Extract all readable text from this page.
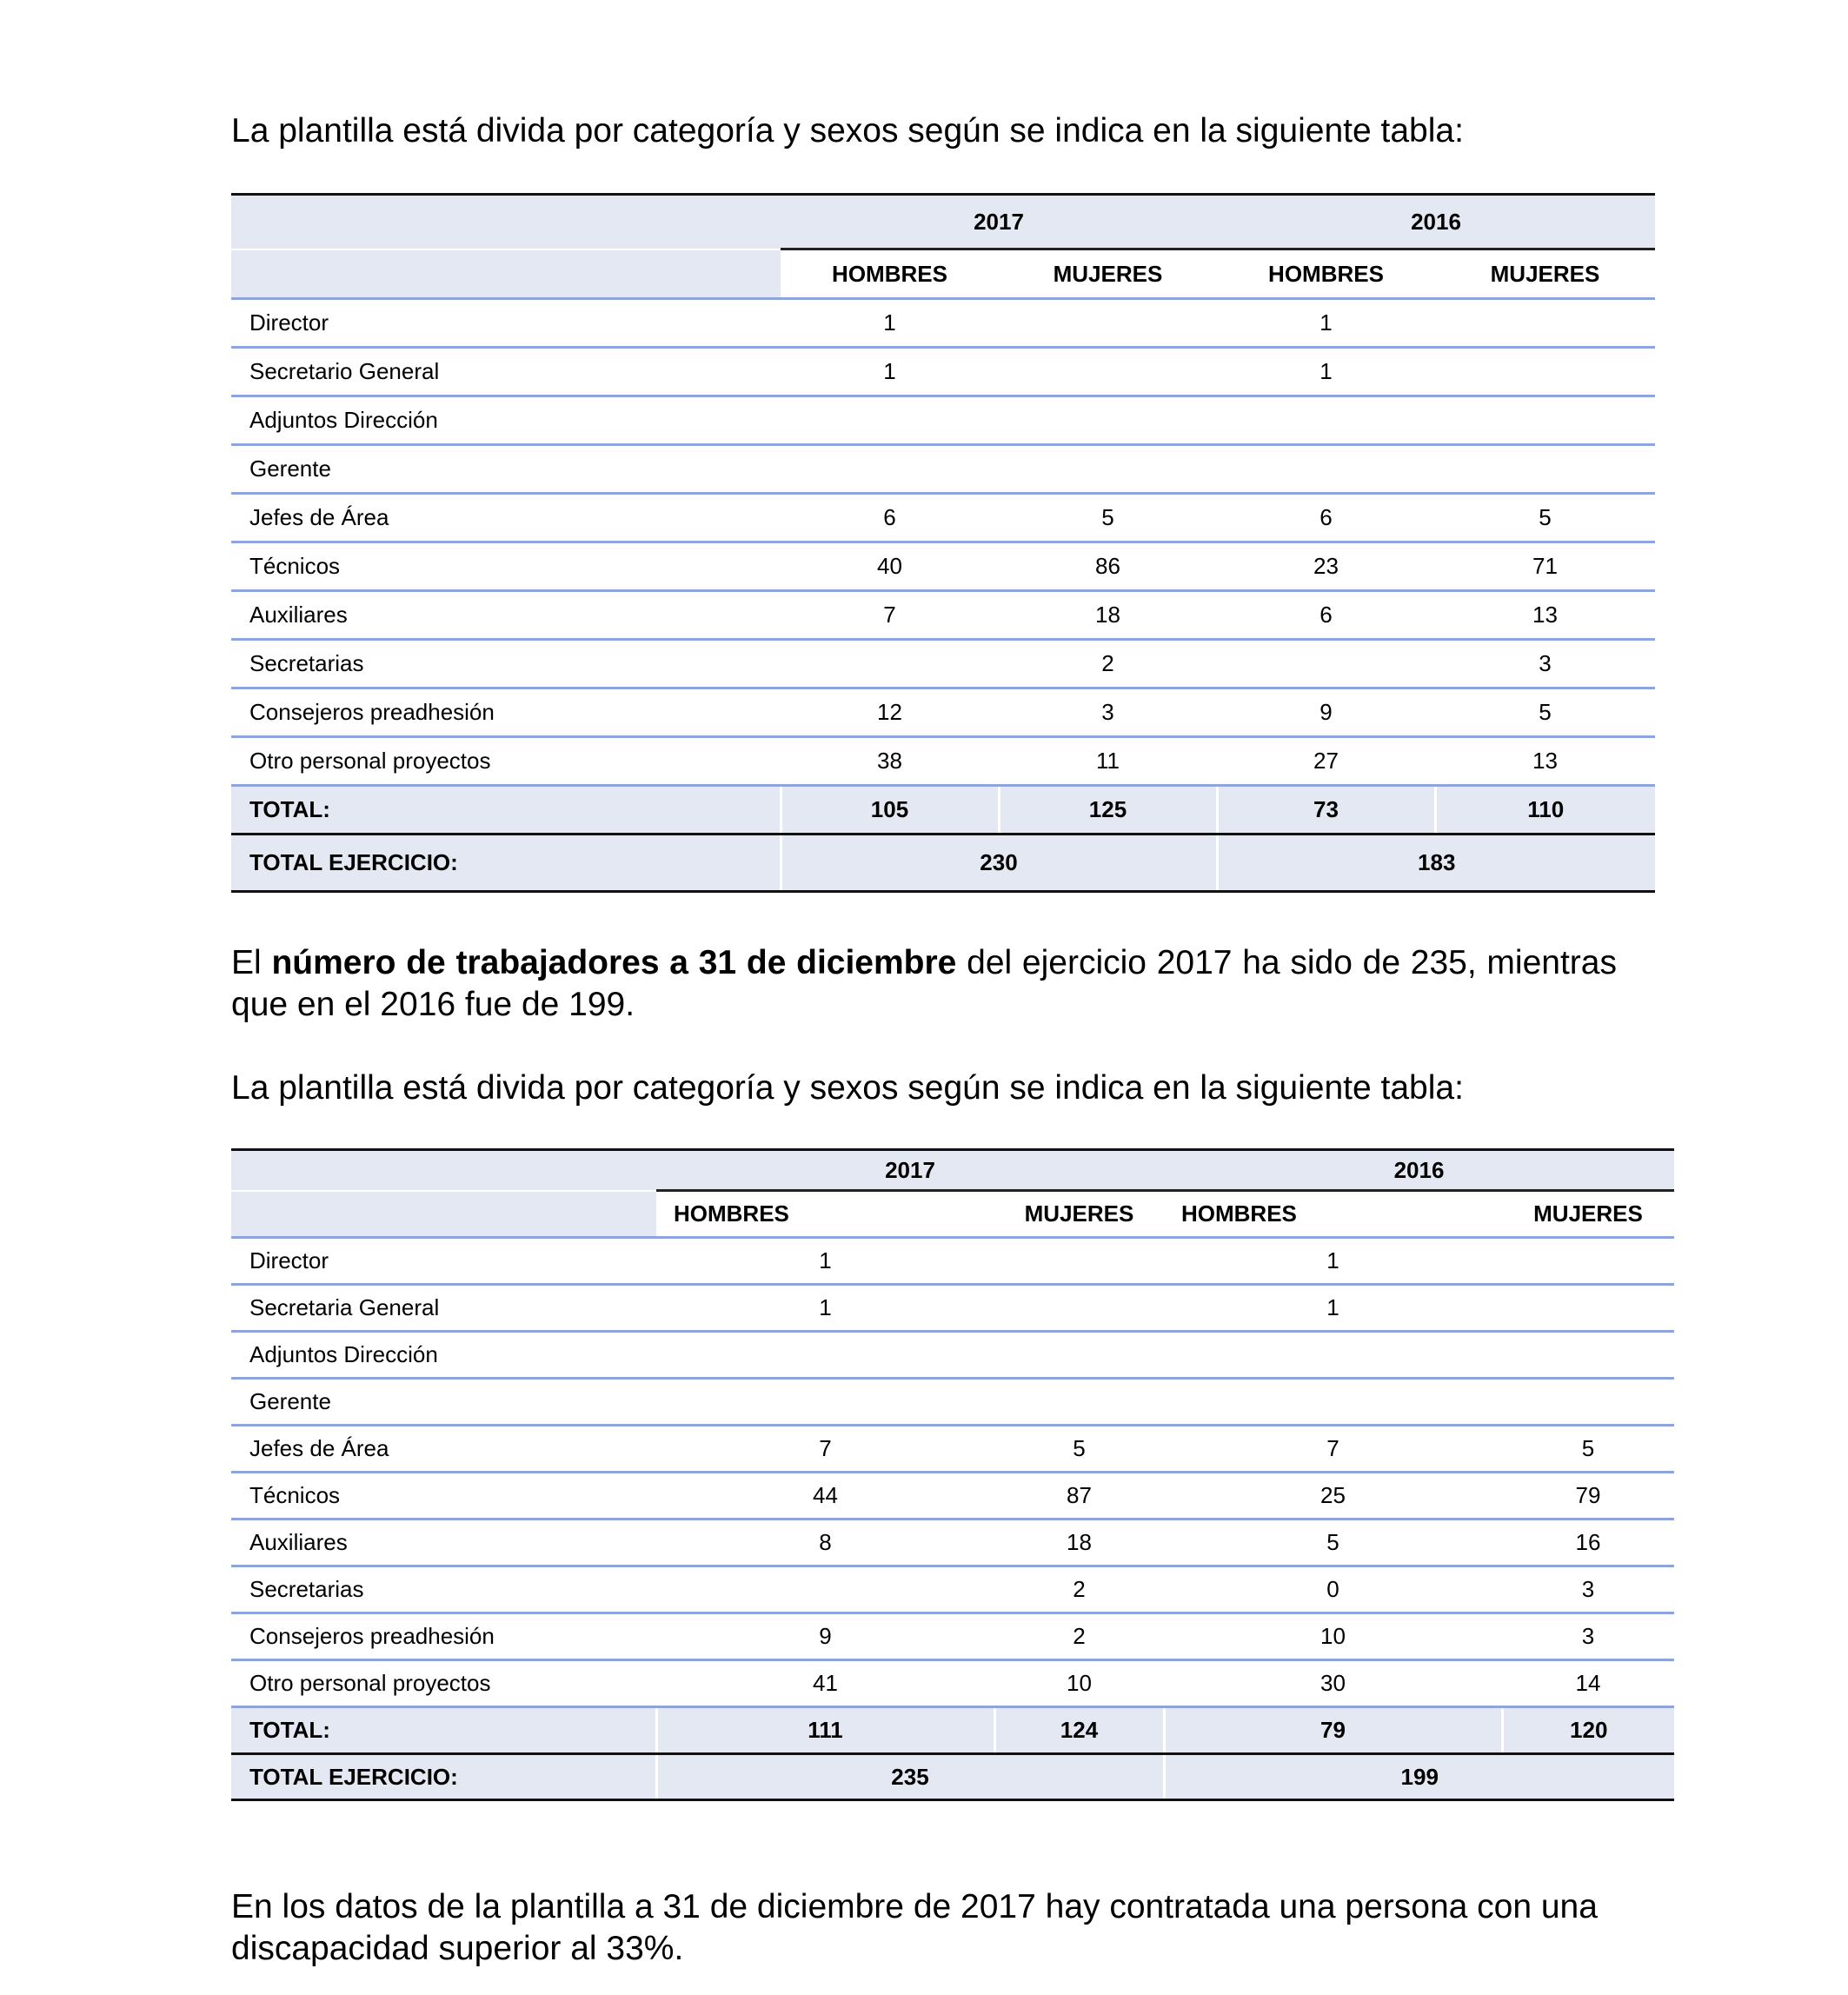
La plantilla está divida por categoría y sexos según se indica en la siguiente tabla:

	2017		2016	
	HOMBRES	MUJERES	HOMBRES	MUJERES
Director	1		1	
Secretario General	1		1	
Adjuntos Dirección				
Gerente				
Jefes de Área	6	5	6	5
Técnicos	40	86	23	71
Auxiliares	7	18	6	13
Secretarias		2		3
Consejeros preadhesión	12	3	9	5
Otro personal proyectos	38	11	27	13
TOTAL:	105	125	73	110
TOTAL EJERCICIO:	230		183	

El número de trabajadores a 31 de diciembre del ejercicio 2017 ha sido de 235, mientras que en el 2016 fue de 199.

La plantilla está divida por categoría y sexos según se indica en la siguiente tabla:

	2017		2016	
	HOMBRES	MUJERES	HOMBRES	MUJERES
Director	1		1	
Secretaria General	1		1	
Adjuntos Dirección				
Gerente				
Jefes de Área	7	5	7	5
Técnicos	44	87	25	79
Auxiliares	8	18	5	16
Secretarias		2	0	3
Consejeros preadhesión	9	2	10	3
Otro personal proyectos	41	10	30	14
TOTAL:	111	124	79	120
TOTAL EJERCICIO:	235		199	

En los datos de la plantilla a 31 de diciembre de 2017 hay contratada una persona con una discapacidad superior al 33%.
